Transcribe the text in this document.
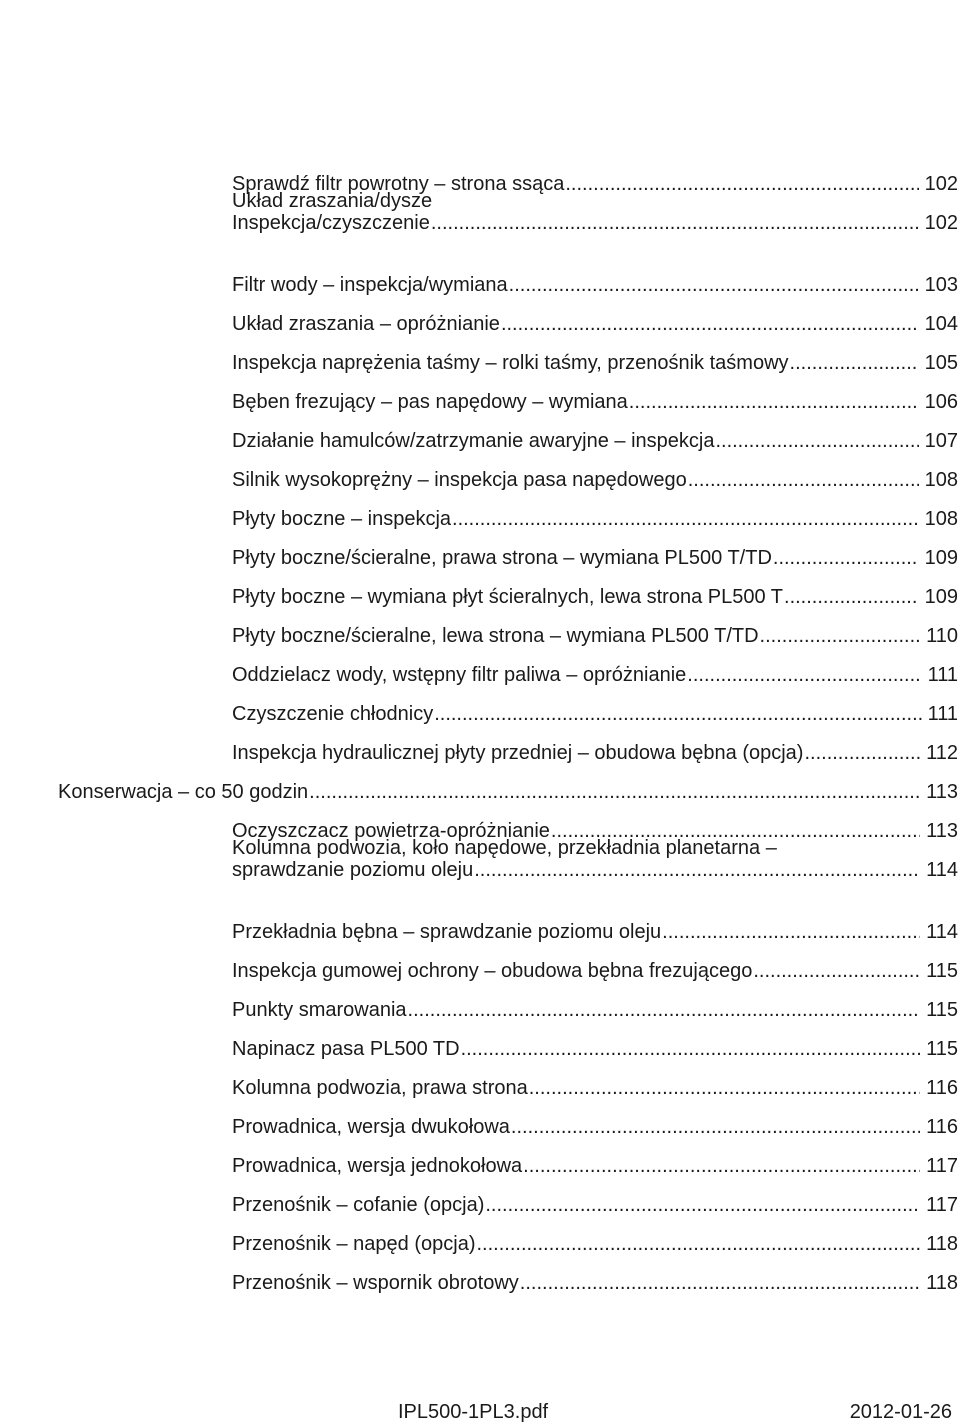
Sprawdź filtr powrotny – strona ssąca .....	102
Układ zraszania/dysze
Inspekcja/czyszczenie .....	102
Filtr wody – inspekcja/wymiana .....	103
Układ zraszania – opróżnianie .....	104
Inspekcja naprężenia taśmy – rolki taśmy, przenośnik taśmowy .....	105
Bęben frezujący – pas napędowy – wymiana .....	106
Działanie hamulców/zatrzymanie awaryjne – inspekcja .....	107
Silnik wysokoprężny – inspekcja pasa napędowego .....	108
Płyty boczne – inspekcja .....	108
Płyty boczne/ścieralne, prawa strona – wymiana PL500 T/TD .....	109
Płyty boczne – wymiana płyt ścieralnych, lewa strona PL500 T .....	109
Płyty boczne/ścieralne, lewa strona – wymiana PL500 T/TD .....	110
Oddzielacz wody, wstępny filtr paliwa – opróżnianie .....	111
Czyszczenie chłodnicy .....	111
Inspekcja hydraulicznej płyty przedniej – obudowa bębna (opcja) .....	112
Konserwacja – co 50 godzin .....	113
Oczyszczacz powietrza-opróżnianie .....	113
Kolumna podwozia, koło napędowe, przekładnia planetarna –
sprawdzanie poziomu oleju .....	114
Przekładnia bębna – sprawdzanie poziomu oleju .....	114
Inspekcja gumowej ochrony – obudowa bębna frezującego .....	115
Punkty smarowania .....	115
Napinacz pasa PL500 TD .....	115
Kolumna podwozia, prawa strona .....	116
Prowadnica, wersja dwukołowa .....	116
Prowadnica, wersja jednokołowa .....	117
Przenośnik – cofanie (opcja) .....	117
Przenośnik – napęd (opcja) .....	118
Przenośnik – wspornik obrotowy .....	118
IPL500-1PL3.pdf	2012-01-26
